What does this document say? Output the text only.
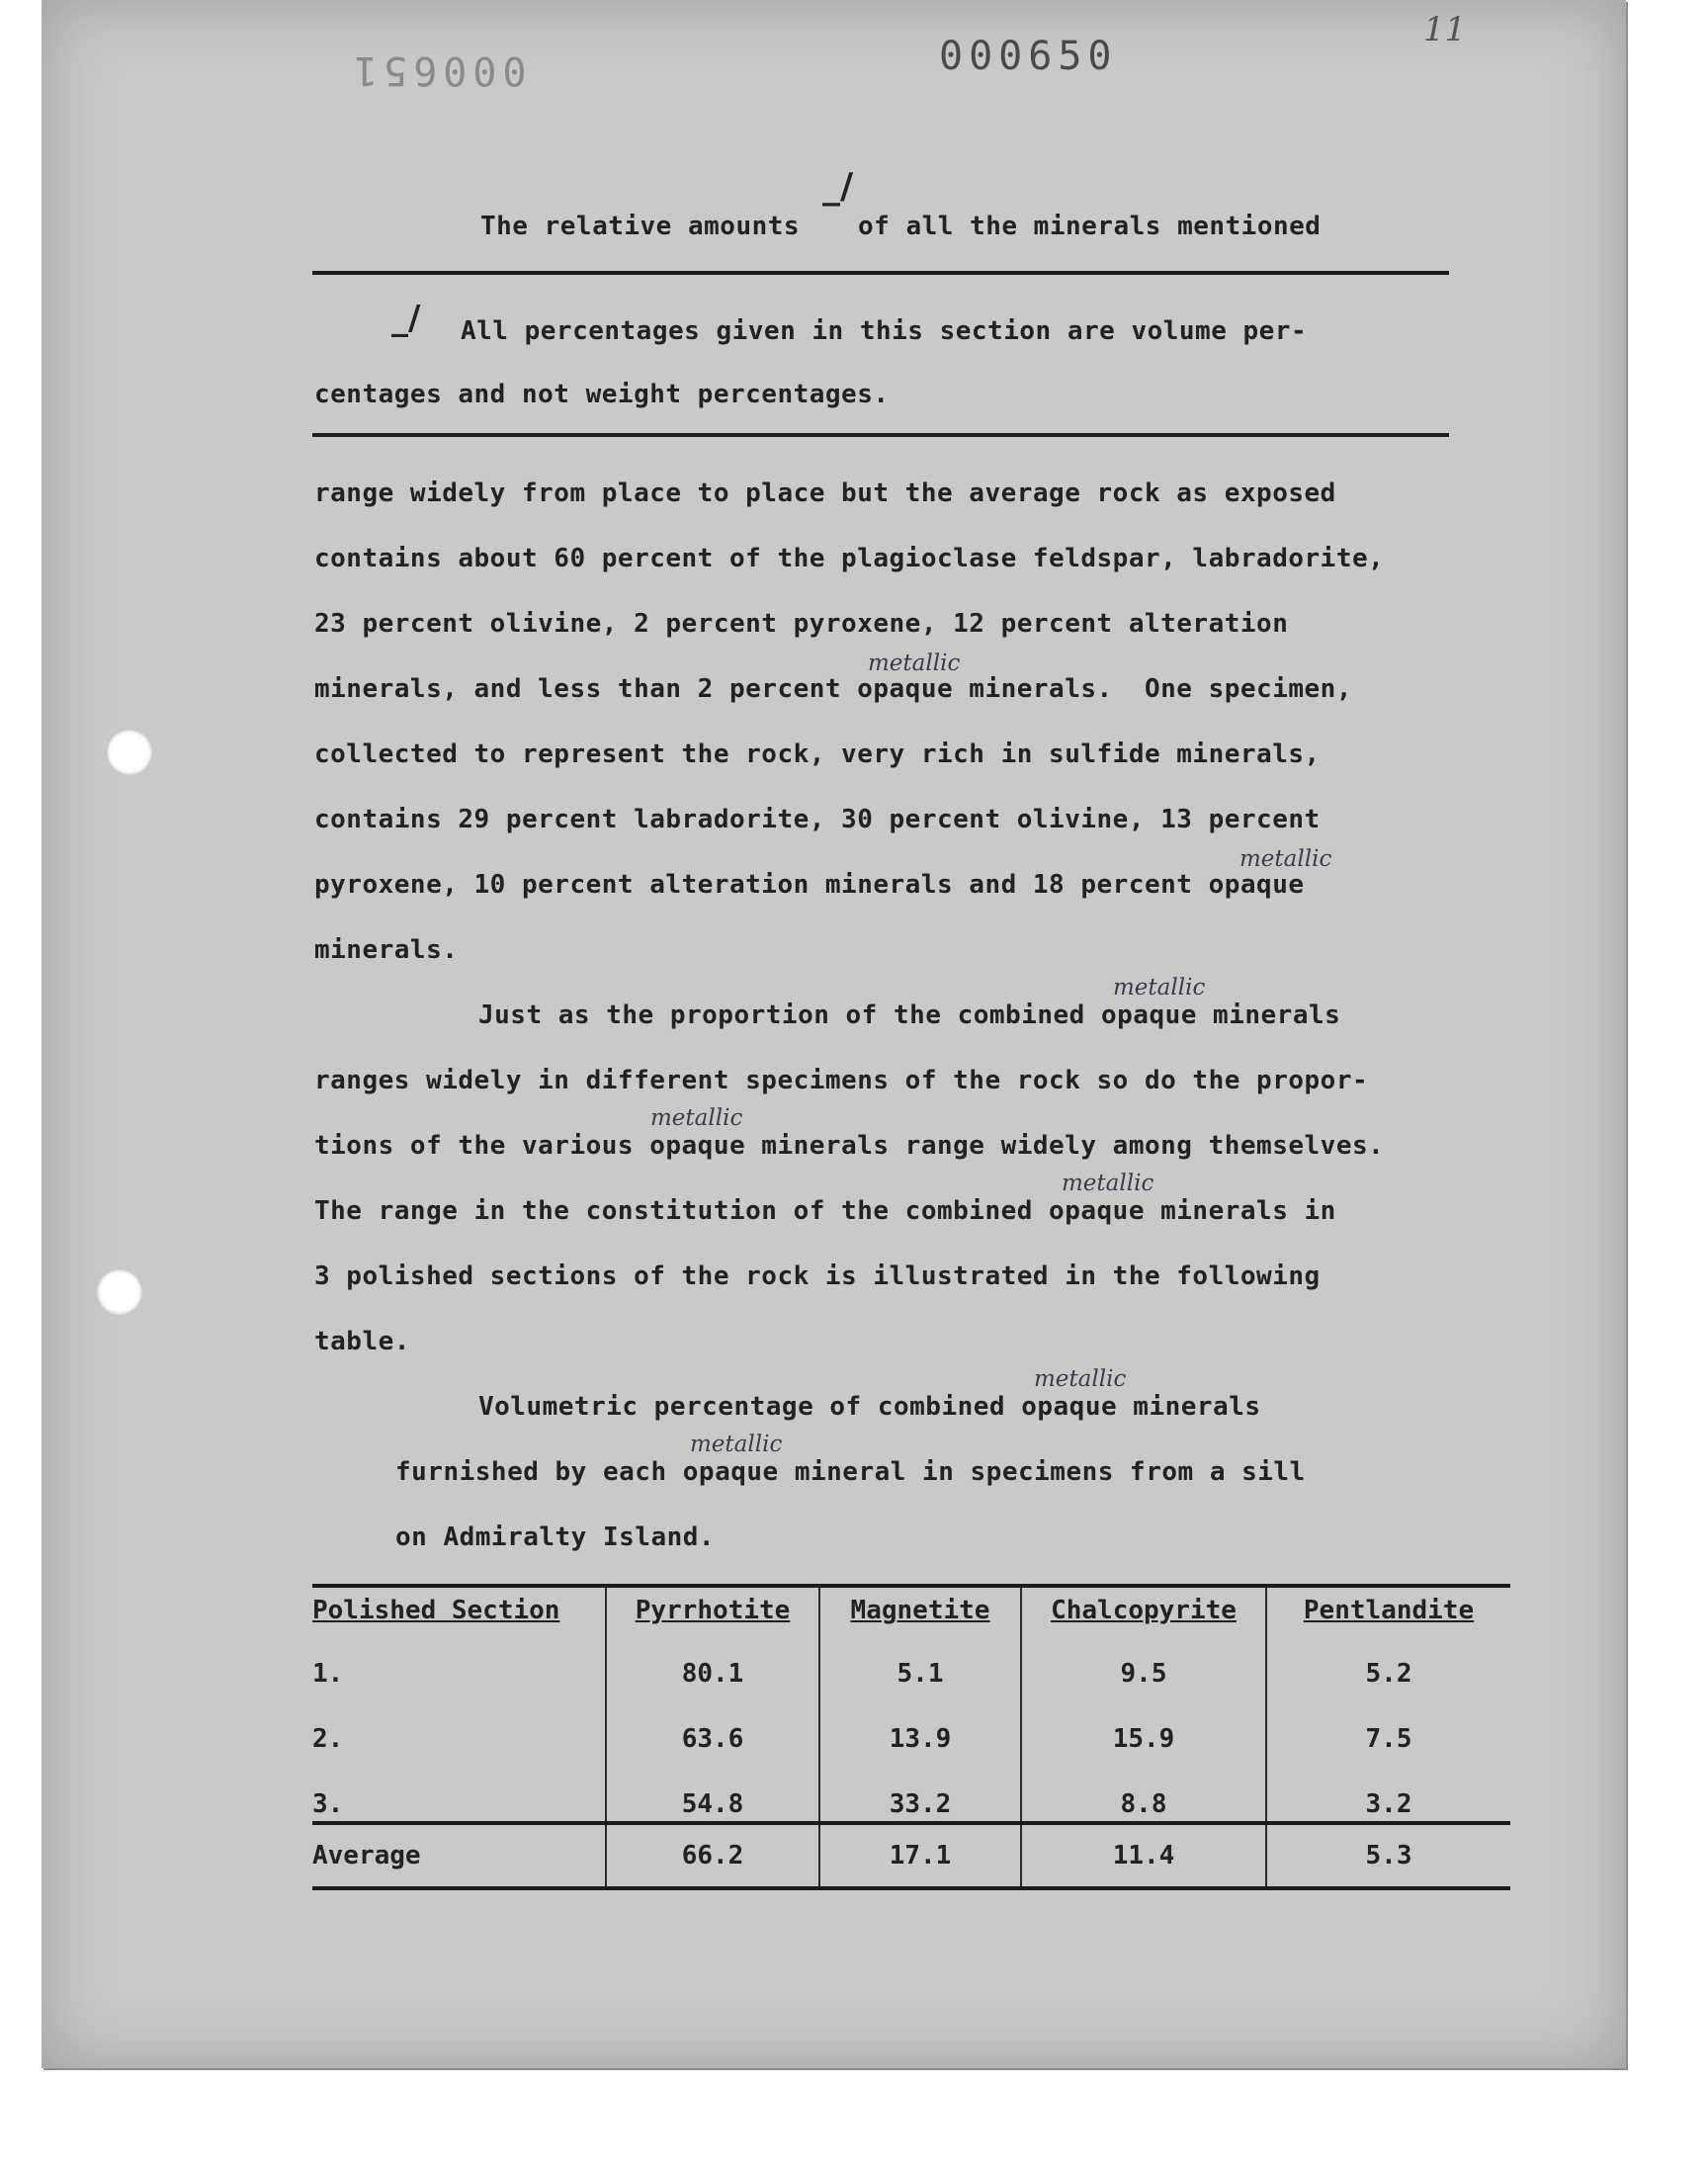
000651	000650
11
The relative amounts
_/
of all the minerals mentioned
_/ All percentages given in this section are volume per-
centages and not weight percentages.
range widely from place to place but the average rock as exposed
contains about 60 percent of the plagioclase feldspar, labradorite,
23 percent olivine, 2 percent pyroxene, 12 percent alteration
metallic
minerals, and less than 2 percent opaque minerals.  One specimen,
collected to represent the rock, very rich in sulfide minerals,
contains 29 percent labradorite, 30 percent olivine, 13 percent
metallic
pyroxene, 10 percent alteration minerals and 18 percent opaque
minerals.
metallic
Just as the proportion of the combined opaque minerals
ranges widely in different specimens of the rock so do the propor-
metallic
tions of the various opaque minerals range widely among themselves.
metallic
The range in the constitution of the combined opaque minerals in
3 polished sections of the rock is illustrated in the following
table.
metallic
Volumetric percentage of combined opaque minerals
metallic
furnished by each opaque mineral in specimens from a sill
on Admiralty Island.
Polished Section	Pyrrhotite	Magnetite	Chalcopyrite	Pentlandite
1.	80.1	5.1	9.5	5.2
2.	63.6	13.9	15.9	7.5
3.	54.8	33.2	8.8	3.2
Average	66.2	17.1	11.4	5.3
